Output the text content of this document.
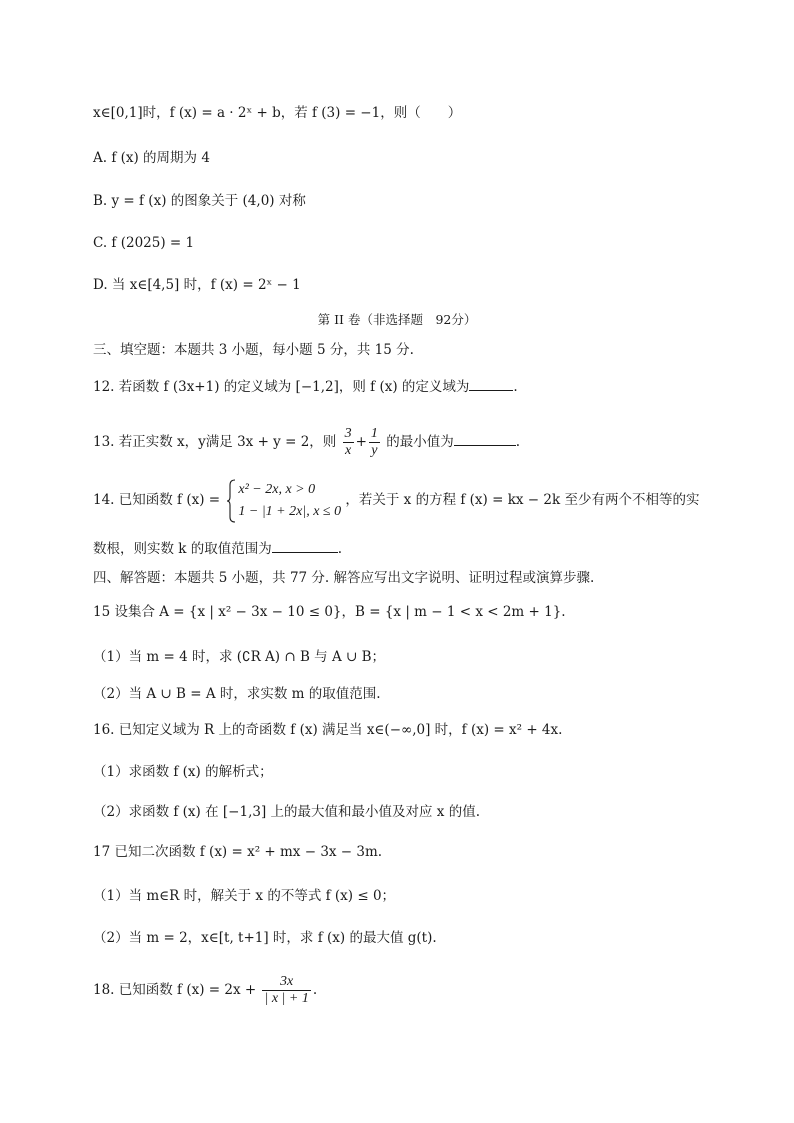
x∈[0,1]时，f (x) = a · 2ˣ + b，若 f (3) = −1，则（　　）
A. f (x) 的周期为 4
B. y = f (x) 的图象关于 (4,0) 对称
C. f (2025) = 1
D. 当 x∈[4,5] 时，f (x) = 2ˣ − 1
第 II 卷（非选择题　92分）
三、填空题：本题共 3 小题，每小题 5 分，共 15 分.
12. 若函数 f (3x+1) 的定义域为 [−1,2]，则 f (x) 的定义域为	.
13. 若正实数 x，y满足 3x + y = 2，则 $\frac{3}{x} + \frac{1}{y}$ 的最小值为	.
14. 已知函数 f (x) =
x² − 2x, x > 0
1 − |1 + 2x|, x ≤ 0
，若关于 x 的方程 f (x) = kx − 2k 至少有两个不相等的实
数根，则实数 k 的取值范围为	.
四、解答题：本题共 5 小题，共 77 分. 解答应写出文字说明、证明过程或演算步骤.
15 设集合 A = {x | x² − 3x − 10 ≤ 0}，B = {x | m − 1 < x < 2m + 1}.
（1）当 m = 4 时，求 (∁R A) ∩ B 与 A ∪ B；
（2）当 A ∪ B = A 时，求实数 m 的取值范围.
16. 已知定义域为 R 上的奇函数 f (x) 满足当 x∈(−∞,0] 时，f (x) = x² + 4x.
（1）求函数 f (x) 的解析式；
（2）求函数 f (x) 在 [−1,3] 上的最大值和最小值及对应 x 的值.
17 已知二次函数 f (x) = x² + mx − 3x − 3m.
（1）当 m∈R 时，解关于 x 的不等式 f (x) ≤ 0；
（2）当 m = 2，x∈[t, t+1] 时，求 f (x) 的最大值 g(t).
18. 已知函数 f $(x) = 2x + \frac{3x}{| x | + 1}$ .
